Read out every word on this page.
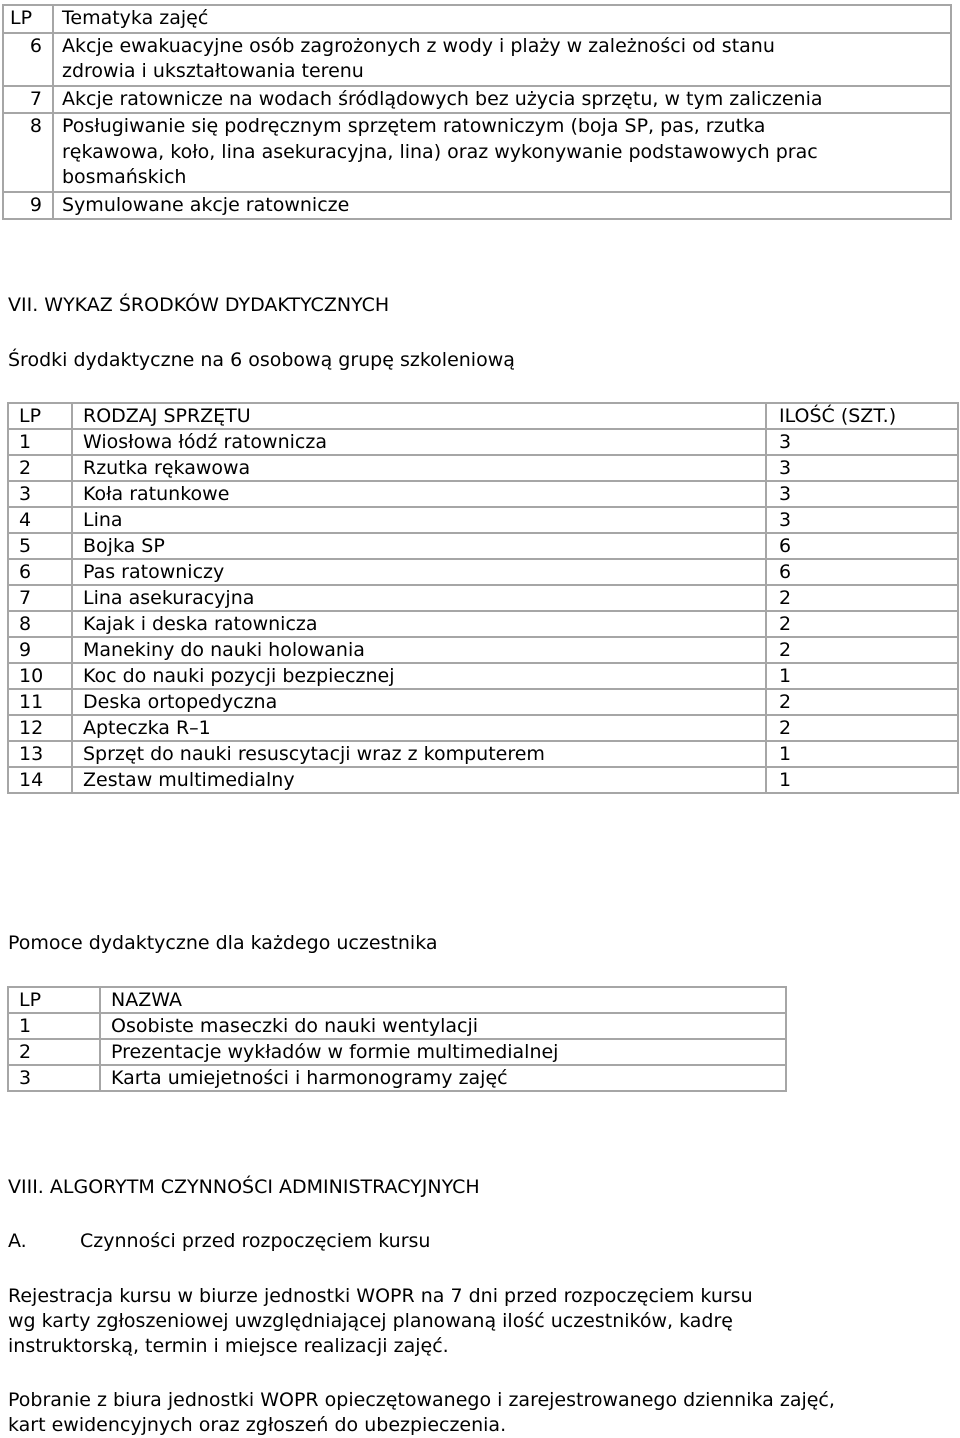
LP	Tematyka zajęć

6	Akcje ewakuacyjne osób zagrożonych z wody i plaży w zależności od stanu
zdrowia i ukształtowania terenu

7	Akcje ratownicze na wodach śródlądowych bez użycia sprzętu, w tym zaliczenia

8	Posługiwanie się podręcznym sprzętem ratowniczym (boja SP, pas, rzutka
rękawowa, koło, lina asekuracyjna, lina) oraz wykonywanie podstawowych prac
bosmańskich

9	Symulowane akcje ratownicze
VII. WYKAZ ŚRODKÓW DYDAKTYCZNYCH
Środki dydaktyczne na 6 osobową grupę szkoleniową
LP	RODZAJ SPRZĘTU	ILOŚĆ (SZT.)
1	Wiosłowa łódź ratownicza	3
2	Rzutka rękawowa	3
3	Koła ratunkowe	3
4	Lina	3
5	Bojka SP	6
6	Pas ratowniczy	6
7	Lina asekuracyjna	2
8	Kajak i deska ratownicza	2
9	Manekiny do nauki holowania	2
10	Koc do nauki pozycji bezpiecznej	1
11	Deska ortopedyczna	2
12	Apteczka R–1	2
13	Sprzęt do nauki resuscytacji wraz z komputerem	1
14	Zestaw multimedialny	1
Pomoce dydaktyczne dla każdego uczestnika
LP	NAZWA
1	Osobiste maseczki do nauki wentylacji
2	Prezentacje wykładów w formie multimedialnej
3	Karta umiejetności i harmonogramy zajęć
VIII. ALGORYTM CZYNNOŚCI ADMINISTRACYJNYCH
A.	Czynności przed rozpoczęciem kursu
Rejestracja kursu w biurze jednostki WOPR na 7 dni przed rozpoczęciem kursu
wg karty zgłoszeniowej uwzględniającej planowaną ilość uczestników, kadrę
instruktorską, termin i miejsce realizacji zajęć.
Pobranie z biura jednostki WOPR opieczętowanego i zarejestrowanego dziennika zajęć,
kart ewidencyjnych oraz zgłoszeń do ubezpieczenia.
